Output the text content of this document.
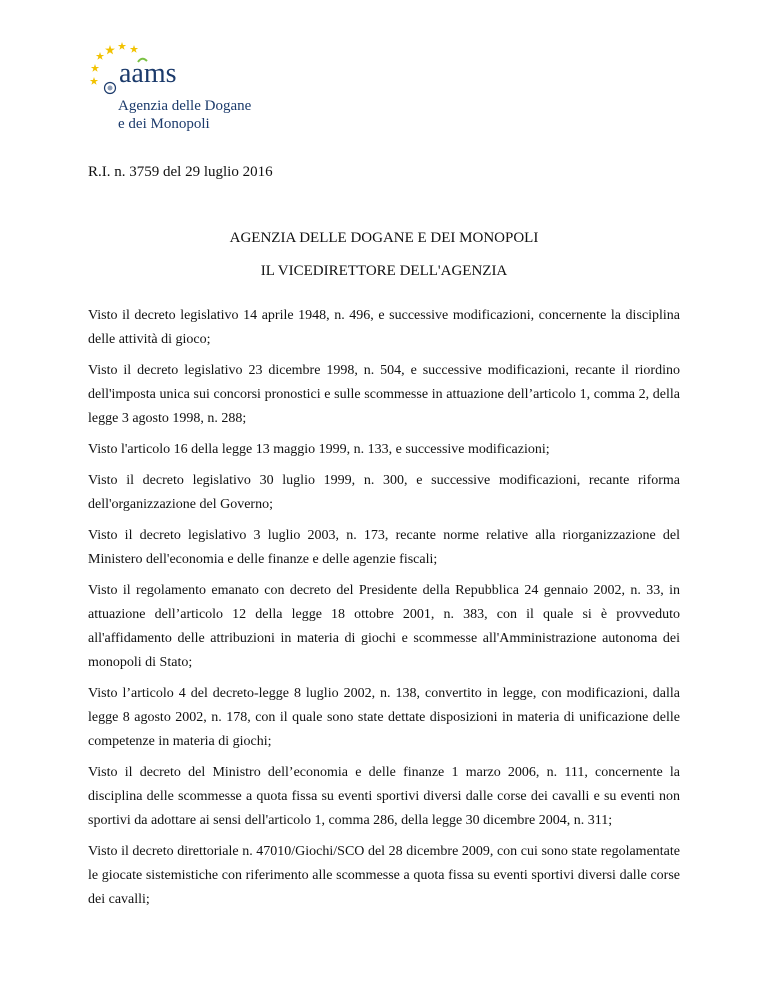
aams
Agenzia delle Dogane
e dei Monopoli
R.I. n. 3759 del 29 luglio 2016
AGENZIA DELLE DOGANE E DEI MONOPOLI
IL VICEDIRETTORE DELL'AGENZIA

Visto il decreto legislativo 14 aprile 1948, n. 496, e successive modificazioni, concernente la disciplina delle attività di gioco;

Visto il decreto legislativo 23 dicembre 1998, n. 504, e successive modificazioni, recante il riordino dell'imposta unica sui concorsi pronostici e sulle scommesse in attuazione dell’articolo 1, comma 2, della legge 3 agosto 1998, n. 288;

Visto l'articolo 16 della legge 13 maggio 1999, n. 133, e successive modificazioni;

Visto il decreto legislativo 30 luglio 1999, n. 300, e successive modificazioni, recante riforma dell'organizzazione del Governo;

Visto il decreto legislativo 3 luglio 2003, n. 173, recante norme relative alla riorganizzazione del Ministero dell'economia e delle finanze e delle agenzie fiscali;

Visto il regolamento emanato con decreto del Presidente della Repubblica 24 gennaio 2002, n. 33, in attuazione dell’articolo 12 della legge 18 ottobre 2001, n. 383, con il quale si è provveduto all'affidamento delle attribuzioni in materia di giochi e scommesse all'Amministrazione autonoma dei monopoli di Stato;

Visto l’articolo 4 del decreto-legge 8 luglio 2002, n. 138, convertito in legge, con modificazioni, dalla legge 8 agosto 2002, n. 178, con il quale sono state dettate disposizioni in materia di unificazione delle competenze in materia di giochi;

Visto il decreto del Ministro dell’economia e delle finanze 1 marzo 2006, n. 111, concernente la disciplina delle scommesse a quota fissa su eventi sportivi diversi dalle corse dei cavalli e su eventi non sportivi da adottare ai sensi dell'articolo 1, comma 286, della legge 30 dicembre 2004, n. 311;

Visto il decreto direttoriale n. 47010/Giochi/SCO del 28 dicembre 2009, con cui sono state regolamentate le giocate sistemistiche con riferimento alle scommesse a quota fissa su eventi sportivi diversi dalle corse dei cavalli;
